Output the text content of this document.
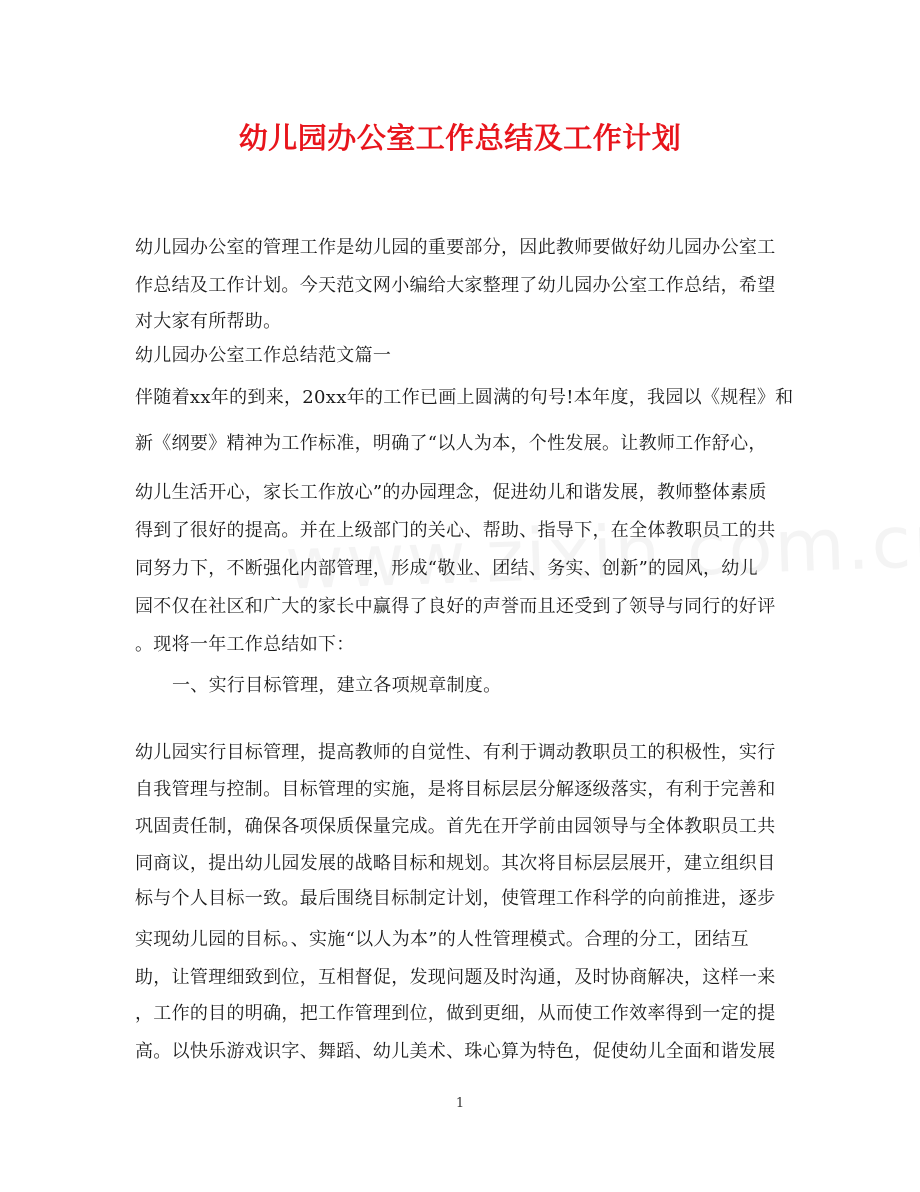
幼儿园办公室工作总结及工作计划
幼儿园办公室的管理工作是幼儿园的重要部分，因此教师要做好幼儿园办公室工
作总结及工作计划。今天范文网小编给大家整理了幼儿园办公室工作总结，希望
对大家有所帮助。
幼儿园办公室工作总结范文篇一
伴随着xx年的到来，20xx年的工作已画上圆满的句号!本年度，我园以《规程》和
新《纲要》精神为工作标准，明确了“以人为本，个性发展。让教师工作舒心，
幼儿生活开心，家长工作放心”的办园理念，促进幼儿和谐发展，教师整体素质
得到了很好的提高。并在上级部门的关心、帮助、指导下，在全体教职员工的共
同努力下，不断强化内部管理，形成“敬业、团结、务实、创新”的园风，幼儿
园不仅在社区和广大的家长中赢得了良好的声誉而且还受到了领导与同行的好评
。现将一年工作总结如下：
一、实行目标管理，建立各项规章制度。
幼儿园实行目标管理，提高教师的自觉性、有利于调动教职员工的积极性，实行
自我管理与控制。目标管理的实施，是将目标层层分解逐级落实，有利于完善和
巩固责任制，确保各项保质保量完成。首先在开学前由园领导与全体教职员工共
同商议，提出幼儿园发展的战略目标和规划。其次将目标层层展开，建立组织目
标与个人目标一致。最后围绕目标制定计划，使管理工作科学的向前推进，逐步
实现幼儿园的目标。、实施“以人为本”的人性管理模式。合理的分工，团结互
助，让管理细致到位，互相督促，发现问题及时沟通，及时协商解决，这样一来
，工作的目的明确，把工作管理到位，做到更细，从而使工作效率得到一定的提
高。以快乐游戏识字、舞蹈、幼儿美术、珠心算为特色，促使幼儿全面和谐发展
1
